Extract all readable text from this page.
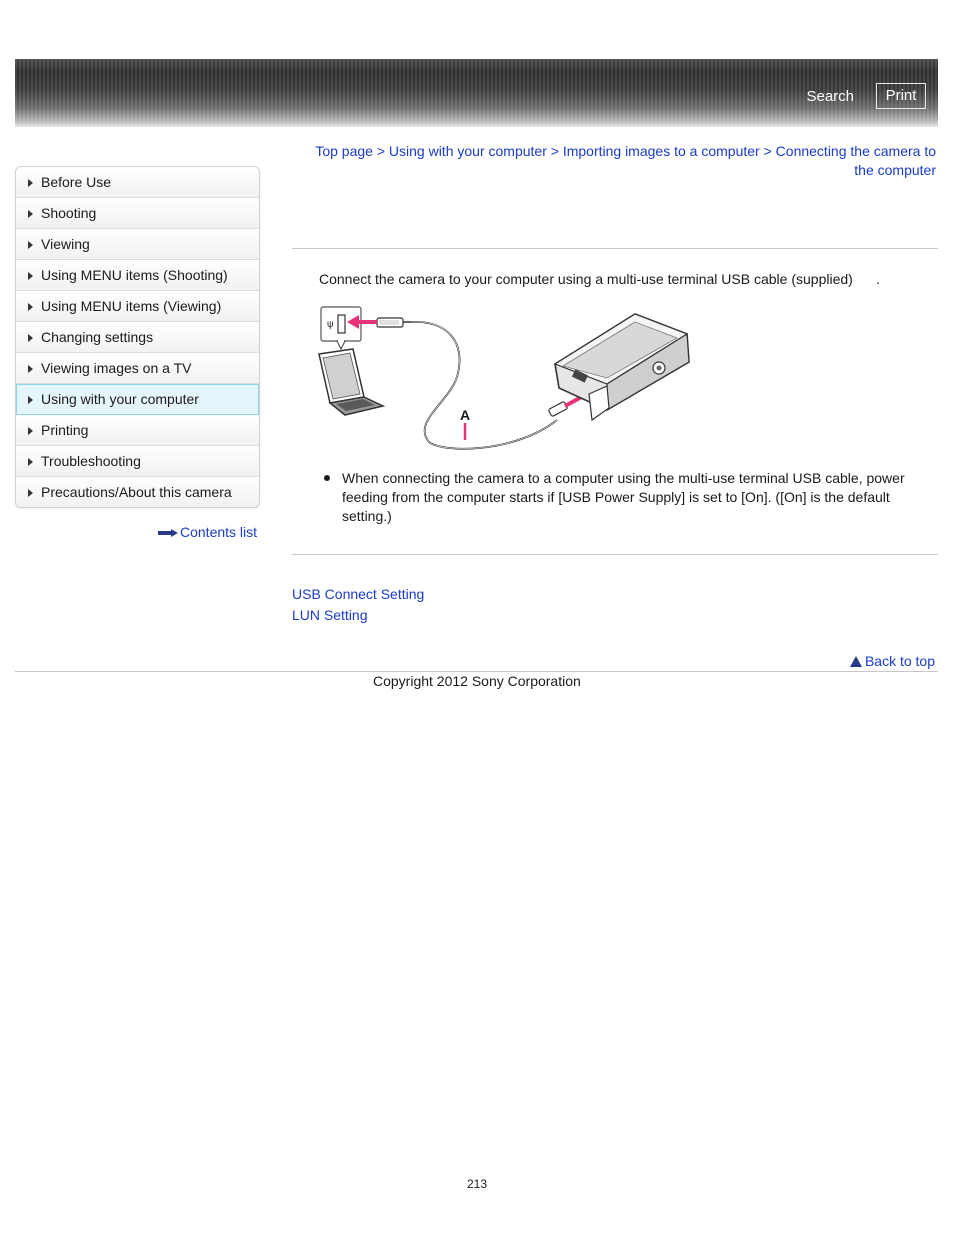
Search	Print
Before Use
Shooting
Viewing
Using MENU items (Shooting)
Using MENU items (Viewing)
Changing settings
Viewing images on a TV
Using with your computer
Printing
Troubleshooting
Precautions/About this camera
Contents list
Top page > Using with your computer > Importing images to a computer > Connecting the camera to the computer
Connect the camera to your computer using a multi-use terminal USB cable (supplied)      .
ψ
A
When connecting the camera to a computer using the multi-use terminal USB cable, power feeding from the computer starts if [USB Power Supply] is set to [On]. ([On] is the default setting.)
USB Connect Setting
LUN Setting
Back to top
Copyright 2012 Sony Corporation
213
